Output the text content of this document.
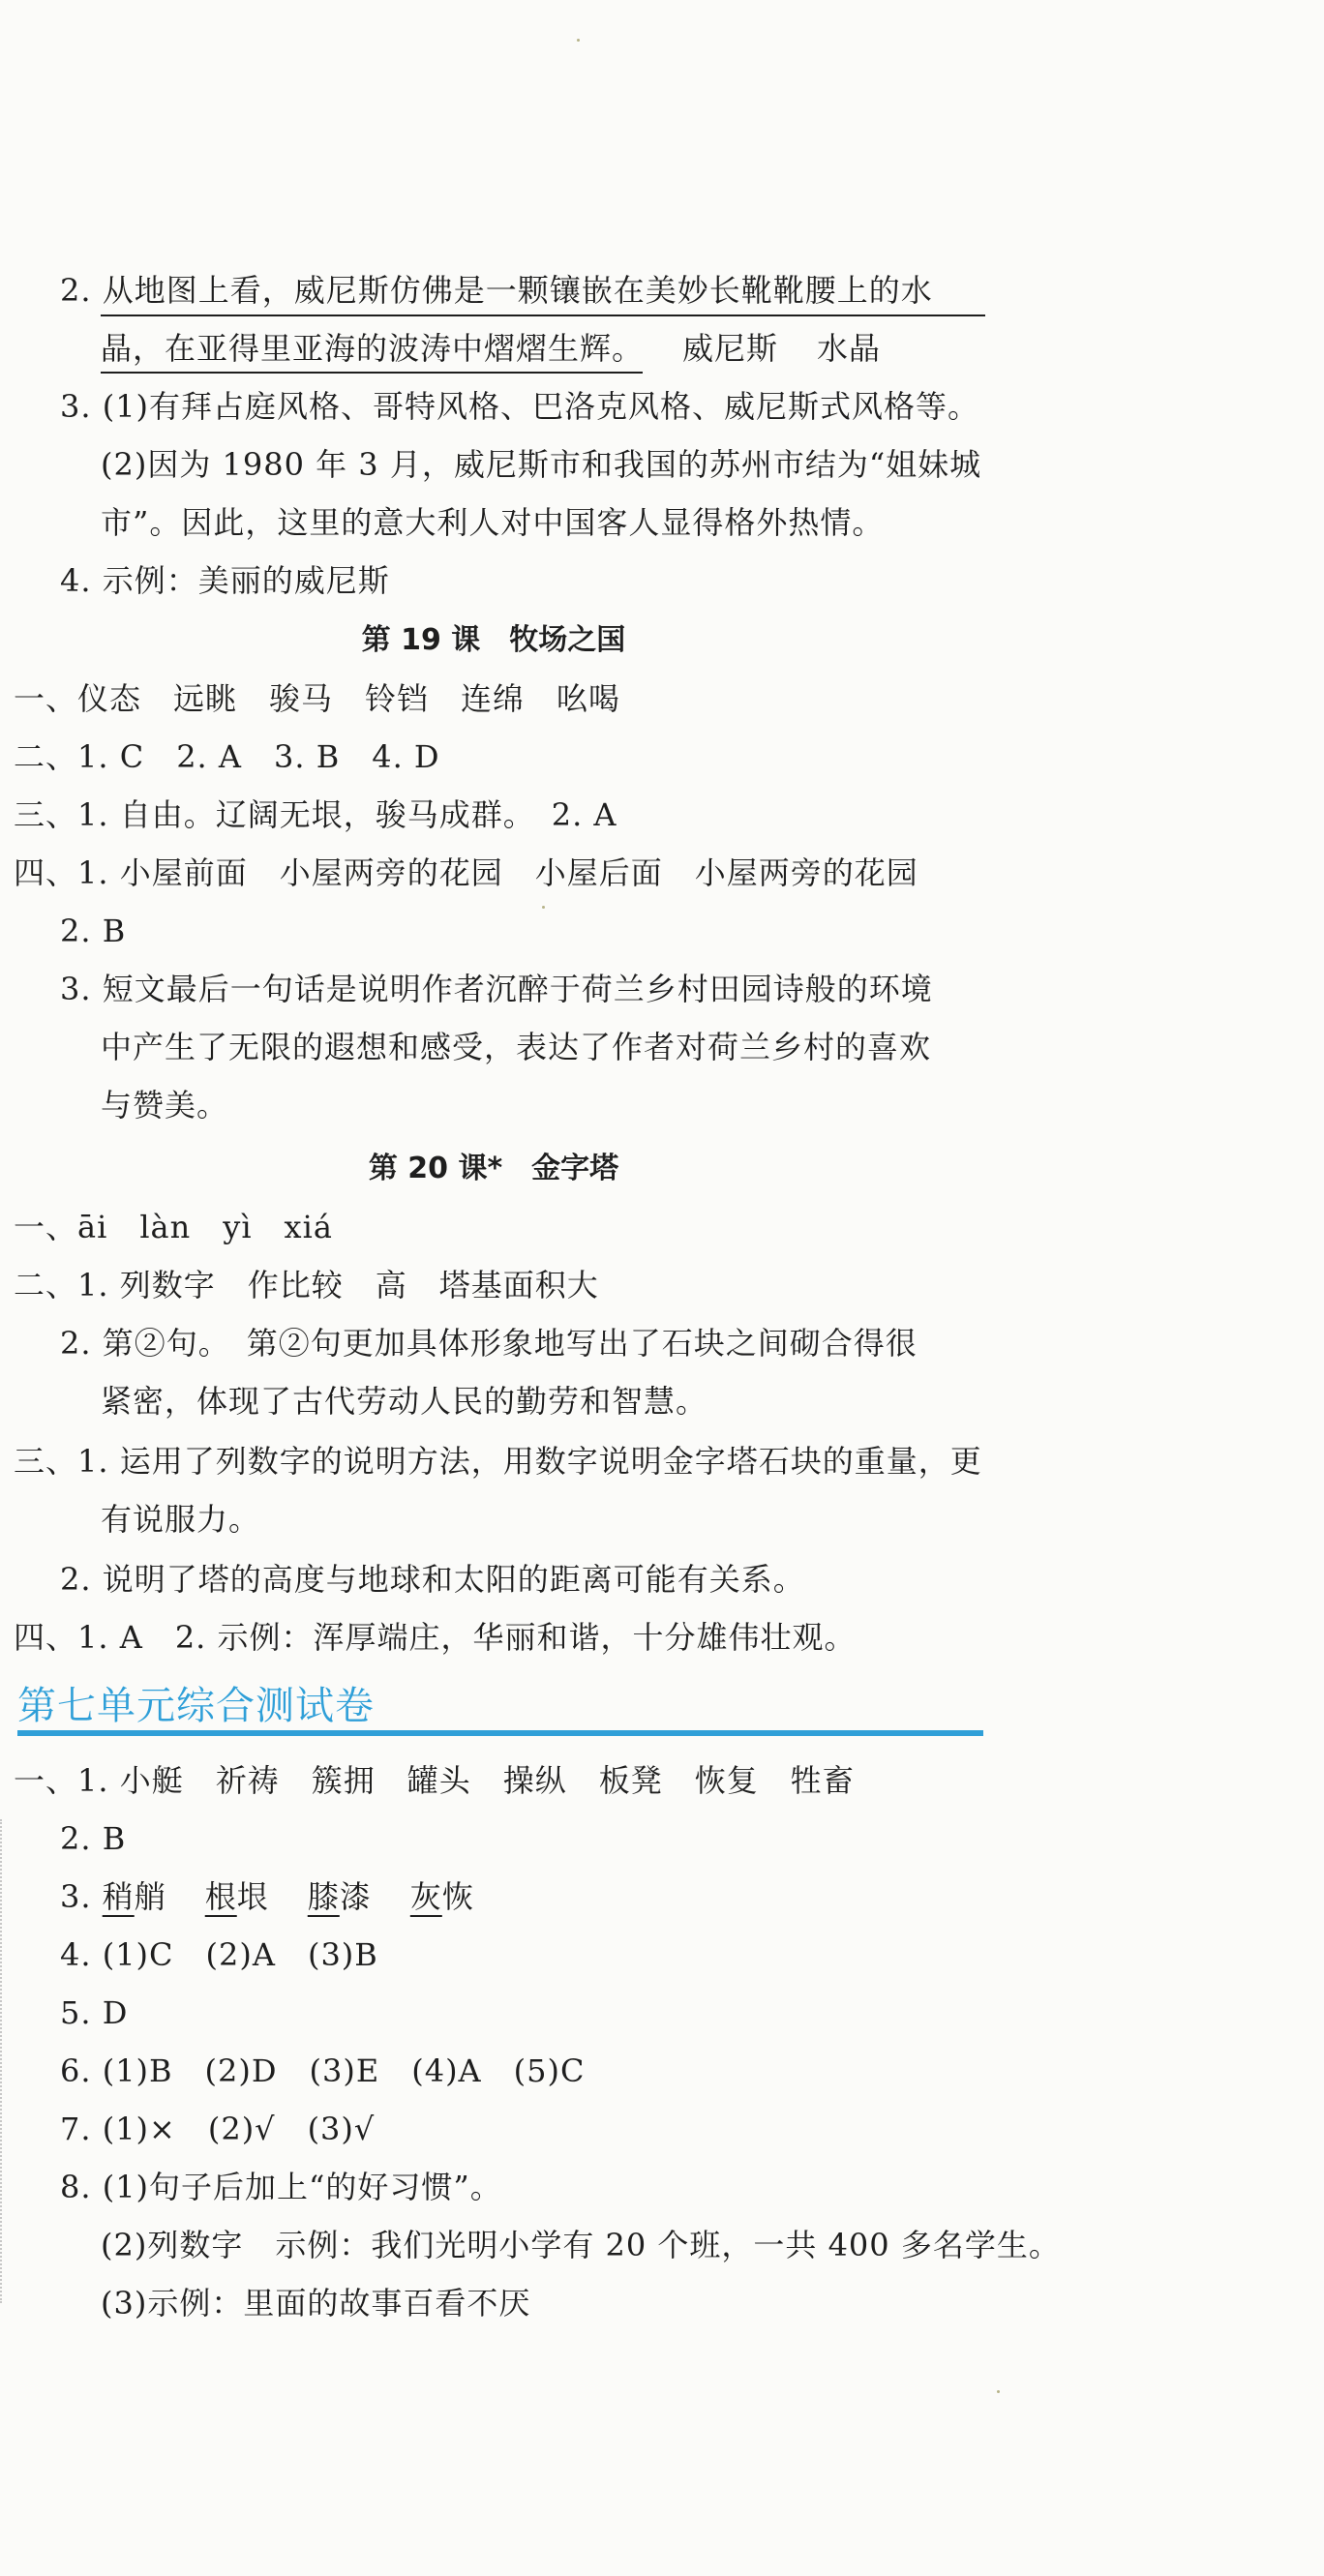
2. 从地图上看，威尼斯仿佛是一颗镶嵌在美妙长靴靴腰上的水
晶，在亚得里亚海的波涛中熠熠生辉。 威尼斯 水晶
3. (1)有拜占庭风格、哥特风格、巴洛克风格、威尼斯式风格等。
(2)因为 1980 年 3 月，威尼斯市和我国的苏州市结为“姐妹城
市”。因此，这里的意大利人对中国客人显得格外热情。
4. 示例：美丽的威尼斯
第 19 课　牧场之国
一、仪态　远眺　骏马　铃铛　连绵　吆喝
二、1. C　2. A　3. B　4. D
三、1. 自由。辽阔无垠，骏马成群。　2. A
四、1. 小屋前面　小屋两旁的花园　小屋后面　小屋两旁的花园
2. B
3. 短文最后一句话是说明作者沉醉于荷兰乡村田园诗般的环境
中产生了无限的遐想和感受，表达了作者对荷兰乡村的喜欢
与赞美。
第 20 课*　金字塔
一、āi　làn　yì　xiá
二、1. 列数字　作比较　高　塔基面积大
2. 第②句。　第②句更加具体形象地写出了石块之间砌合得很
紧密，体现了古代劳动人民的勤劳和智慧。
三、1. 运用了列数字的说明方法，用数字说明金字塔石块的重量，更
有说服力。
2. 说明了塔的高度与地球和太阳的距离可能有关系。
四、1. A　2. 示例：浑厚端庄，华丽和谐，十分雄伟壮观。
第七单元综合测试卷
一、1. 小艇　祈祷　簇拥　罐头　操纵　板凳　恢复　牲畜
2. B
3. 稍艄 根垠 膝漆 灰恢
4. (1)C　(2)A　(3)B
5. D
6. (1)B　(2)D　(3)E　(4)A　(5)C
7. (1)×　(2)√　(3)√
8. (1)句子后加上“的好习惯”。
(2)列数字　示例：我们光明小学有 20 个班，一共 400 多名学生。
(3)示例：里面的故事百看不厌
